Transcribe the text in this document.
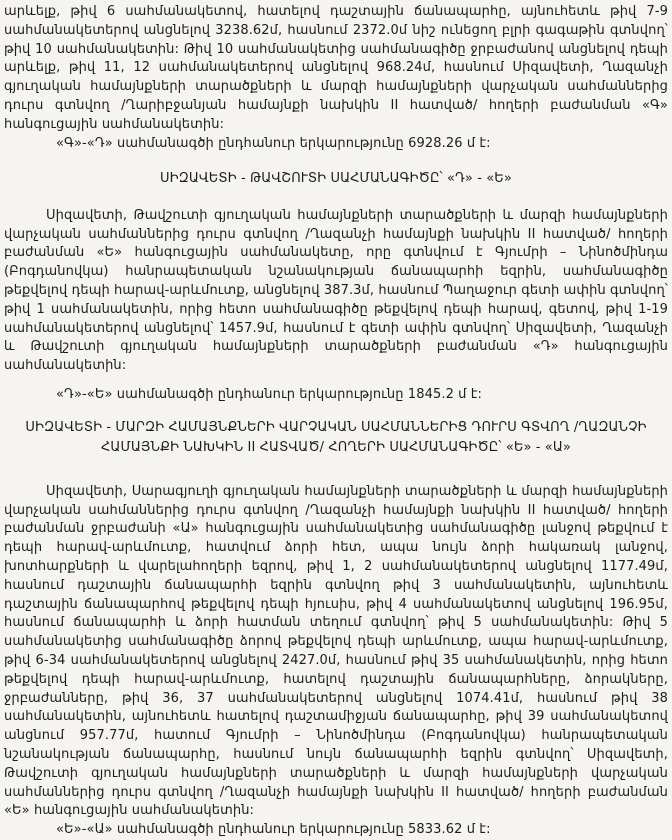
արևելք, թիվ 6 սահմանակետով, հատելով դաշտային ճանապարհը, այնուհետև թիվ 7-9 սահմանակետերով անցնելով 3238.62մ, հասնում 2372.0մ նիշ ունեցող բլրի գագաթին գտնվող՝ թիվ 10 սահմանակետին: Թիվ 10 սահմանակետից սահմանագիծը ջրբաժանով անցնելով դեպի արևելք, թիվ 11, 12 սահմանակետերով անցնելով 968.24մ, հասնում Սիզավետի, Ղազանչի գյուղական համայնքների տարածքների և մարզի համայնքների վարչական սահմաններից դուրս գտնվող /Ղարիբջանյան համայնքի նախկին II հատված/ հողերի բաժանման «Գ» հանգուցային սահմանակետին:

«Գ»-«Դ» սահմանագծի ընդհանուր երկարությունը 6928.26 մ է:

ՍԻԶԱՎԵՏԻ - ԹԱՎՇՈՒՏԻ ՍԱՀՄԱՆԱԳԻԾԸ՝ «Դ» - «Ե»

Սիզավետի, Թավշուտի գյուղական համայնքների տարածքների և մարզի համայնքների վարչական սահմաններից դուրս գտնվող /Ղազանչի համայնքի նախկին II հատված/ հողերի բաժանման «Ե» հանգուցային սահմանակետը, որը գտնվում է Գյումրի – Նինոծմինդա (Բոգդանովկա) հանրապետական նշանակության ճանապարհի եզրին, սահմանագիծը թեքվելով դեպի հարավ-արևմուտք, անցնելով 387.3մ, հասնում Պաղաջուր գետի ափին գտնվող՝ թիվ 1 սահմանակետին, որից հետո սահմանագիծը թեքվելով դեպի հարավ, գետով, թիվ 1-19 սահմանակետերով անցնելով՝ 1457.9մ, հասնում է գետի ափին գտնվող՝ Սիզավետի, Ղազանչի և Թավշուտի գյուղական համայնքների տարածքների բաժանման «Դ» հանգուցային սահմանակետին:

«Դ»-«Ե» սահմանագծի ընդհանուր երկարությունը 1845.2 մ է:

ՍԻԶԱՎԵՏԻ - ՄԱՐԶԻ ՀԱՄԱՅՆՔՆԵՐԻ ՎԱՐՉԱԿԱՆ ՍԱՀՄԱՆՆԵՐԻՑ ԴՈՒՐՍ ԳՏՎՈՂ /ՂԱԶԱՆՉԻ ՀԱՄԱՅՆՔԻ ՆԱԽԿԻՆ II ՀԱՏՎԱԾ/ ՀՈՂԵՐԻ ՍԱՀՄԱՆԱԳԻԾԸ՝ «Ե» - «Ա»

Սիզավետի, Սարագյուղի գյուղական համայնքների տարածքների և մարզի համայնքների վարչական սահմաններից դուրս գտնվող /Ղազանչի համայնքի նախկին II հատված/ հողերի բաժանման ջրբաժանի «Ա» հանգուցային սահմանակետից սահմանագիծը լանջով թեքվում է դեպի հարավ-արևմուտք, հատվում ձորի հետ, ապա նույն ձորի հակառակ լանջով, խոտհարքների և վարելահողերի եզրով, թիվ 1, 2 սահմանակետերով անցնելով 1177.49մ, հասնում դաշտային ճանապարհի եզրին գտնվող թիվ 3 սահմանակետին, այնուհետև դաշտային ճանապարհով թեքվելով դեպի հյուսիս, թիվ 4 սահմանակետով անցնելով 196.95մ, հասնում ճանապարհի և ձորի հատման տեղում գտնվող՝ թիվ 5 սահմանակետին: Թիվ 5 սահմանակետից սահմանագիծը ձորով թեքվելով դեպի արևմուտք, ապա հարավ-արևմուտք, թիվ 6-34 սահմանակետերով անցնելով 2427.0մ, հասնում թիվ 35 սահմանակետին, որից հետո թեքվելով դեպի հարավ-արևմուտք, հատելով դաշտային ճանապարհները, ձորակները, ջրբաժանները, թիվ 36, 37 սահմանակետերով անցնելով 1074.41մ, հասնում թիվ 38 սահմանակետին, այնուհետև հատելով դաշտամիջյան ճանապարհը, թիվ 39 սահմանակետով անցնում 957.77մ, հատում Գյումրի – Նինոծմինդա (Բոգդանովկա) հանրապետական նշանակության ճանապարհը, հասնում նույն ճանապարհի եզրին գտնվող՝ Սիզավետի, Թավշուտի գյուղական համայնքների տարածքների և մարզի համայնքների վարչական սահմաններից դուրս գտնվող /Ղազանչի համայնքի նախկին II հատված/ հողերի բաժանման «Ե» հանգուցային սահմանակետին:

«Ե»-«Ա» սահմանագծի ընդհանուր երկարությունը 5833.62 մ է:
